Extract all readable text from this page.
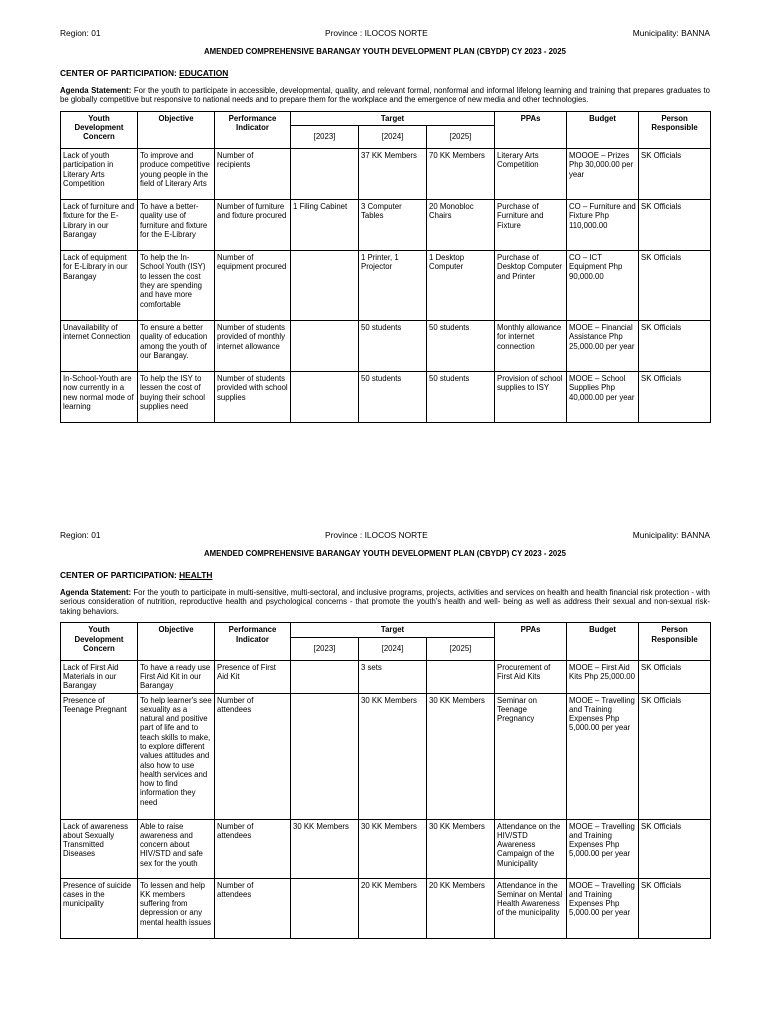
Region: 01	Province : ILOCOS NORTE	Municipality: BANNA
AMENDED COMPREHENSIVE BARANGAY YOUTH DEVELOPMENT PLAN (CBYDP) CY 2023 - 2025
CENTER OF PARTICIPATION: EDUCATION
Agenda Statement: For the youth to participate in accessible, developmental, quality, and relevant formal, nonformal and informal lifelong learning and training that prepares graduates to be globally competitive but responsive to national needs and to prepare them for the workplace and the emergence of new media and other technologies.
Youth Development Concern	Objective	Performance Indicator	Target			PPAs	Budget	Person Responsible
			[2023]	[2024]	[2025]			
Lack of youth participation in Literary Arts Competition	To improve and produce competitive young people in the field of Literary Arts	Number of recipients		37 KK Members	70 KK Members	Literary Arts Competition	MOOOE – Prizes Php 30,000.00 per year	SK Officials
Lack of furniture and fixture for the E-Library in our Barangay	To have a better-quality use of furniture and fixture for the E-Library	Number of furniture and fixture procured	1 Filing Cabinet	3 Computer Tables	20 Monobloc Chairs	Purchase of Furniture and Fixture	CO – Furniture and Fixture Php 110,000.00	SK Officials
Lack of equipment for E-Library in our Barangay	To help the In-School Youth (ISY) to lessen the cost they are spending and have more comfortable	Number of equipment procured		1 Printer, 1 Projector	1 Desktop Computer	Purchase of Desktop Computer and Printer	CO – ICT Equipment Php 90,000.00	SK Officials
Unavailability of internet Connection	To ensure a better quality of education among the youth of our Barangay.	Number of students provided of monthly internet allowance		50 students	50 students	Monthly allowance for internet connection	MOOE – Financial Assistance Php 25,000.00 per year	SK Officials
In-School-Youth are now currently in a new normal mode of learning	To help the ISY to lessen the cost of buying their school supplies need	Number of students provided with school supplies		50 students	50 students	Provision of school supplies to ISY	MOOE – School Supplies Php 40,000.00 per year	SK Officials
Region: 01	Province : ILOCOS NORTE	Municipality: BANNA
AMENDED COMPREHENSIVE BARANGAY YOUTH DEVELOPMENT PLAN (CBYDP) CY 2023 - 2025
CENTER OF PARTICIPATION: HEALTH
Agenda Statement: For the youth to participate in multi-sensitive, multi-sectoral, and inclusive programs, projects, activities and services on health and health financial risk protection - with serious consideration of nutrition, reproductive health and psychological concerns - that promote the youth's health and well- being as well as address their sexual and non-sexual risk-taking behaviors.
Youth Development Concern	Objective	Performance Indicator	Target			PPAs	Budget	Person Responsible
			[2023]	[2024]	[2025]			
Lack of First Aid Materials in our Barangay	To have a ready use First Aid Kit in our Barangay	Presence of First Aid Kit		3 sets		Procurement of First Aid Kits	MOOE – First Aid Kits Php 25,000.00	SK Officials
Presence of Teenage Pregnant	To help learner's see sexuality as a natural and positive part of life and to teach skills to make, to explore different values attitudes and also how to use health services and how to find information they need	Number of attendees		30 KK Members	30 KK Members	Seminar on Teenage Pregnancy	MOOE – Travelling and Training Expenses Php 5,000.00 per year	SK Officials
Lack of awareness about Sexually Transmitted Diseases	Able to raise awareness and concern about HIV/STD and safe sex for the youth	Number of attendees	30 KK Members	30 KK Members	30 KK Members	Attendance on the HIV/STD Awareness Campaign of the Municipality	MOOE – Travelling and Training Expenses Php 5,000.00 per year	SK Officials
Presence of suicide cases in the municipality	To lessen and help KK members suffering from depression or any mental health issues	Number of attendees		20 KK Members	20 KK Members	Attendance in the Seminar on Mental Health Awareness of the municipality	MOOE – Travelling and Training Expenses Php 5,000.00 per year	SK Officials
